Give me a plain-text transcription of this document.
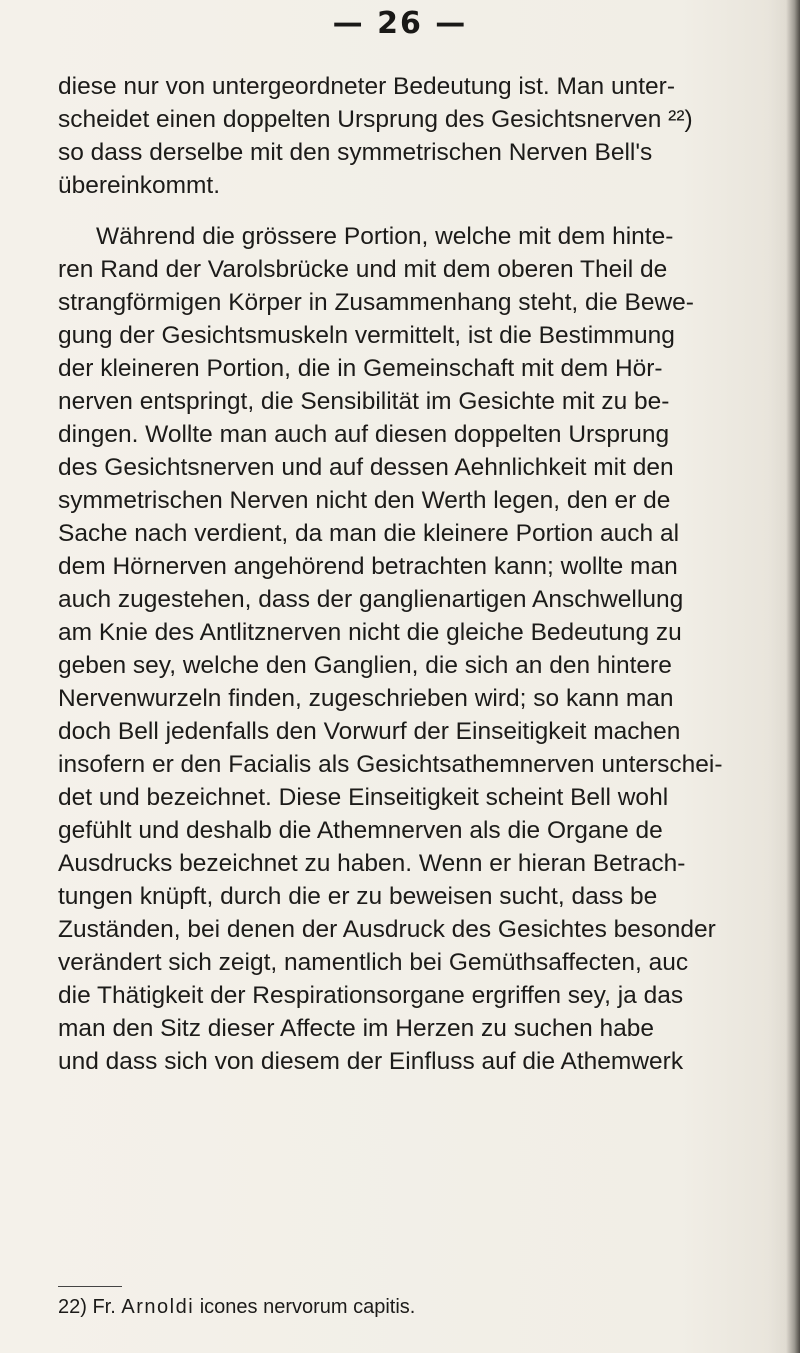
— 26 —
diese nur von untergeordneter Bedeutung ist. Man unter-
scheidet einen doppelten Ursprung des Gesichtsnerven ²²)
so dass derselbe mit den symmetrischen Nerven Bell's
übereinkommt.
Während die grössere Portion, welche mit dem hinte-
ren Rand der Varolsbrücke und mit dem oberen Theil de
strangförmigen Körper in Zusammenhang steht, die Bewe-
gung der Gesichtsmuskeln vermittelt, ist die Bestimmung
der kleineren Portion, die in Gemeinschaft mit dem Hör-
nerven entspringt, die Sensibilität im Gesichte mit zu be-
dingen. Wollte man auch auf diesen doppelten Ursprung
des Gesichtsnerven und auf dessen Aehnlichkeit mit den
symmetrischen Nerven nicht den Werth legen, den er de
Sache nach verdient, da man die kleinere Portion auch al
dem Hörnerven angehörend betrachten kann; wollte man
auch zugestehen, dass der ganglienartigen Anschwellung
am Knie des Antlitznerven nicht die gleiche Bedeutung zu
geben sey, welche den Ganglien, die sich an den hintere
Nervenwurzeln finden, zugeschrieben wird; so kann man
doch Bell jedenfalls den Vorwurf der Einseitigkeit machen
insofern er den Facialis als Gesichtsathemnerven unterschei-
det und bezeichnet. Diese Einseitigkeit scheint Bell wohl
gefühlt und deshalb die Athemnerven als die Organe de
Ausdrucks bezeichnet zu haben. Wenn er hieran Betrach-
tungen knüpft, durch die er zu beweisen sucht, dass be
Zuständen, bei denen der Ausdruck des Gesichtes besonder
verändert sich zeigt, namentlich bei Gemüthsaffecten, auc
die Thätigkeit der Respirationsorgane ergriffen sey, ja das
man den Sitz dieser Affecte im Herzen zu suchen habe
und dass sich von diesem der Einfluss auf die Athemwerk
22) Fr. Arnoldi icones nervorum capitis.
